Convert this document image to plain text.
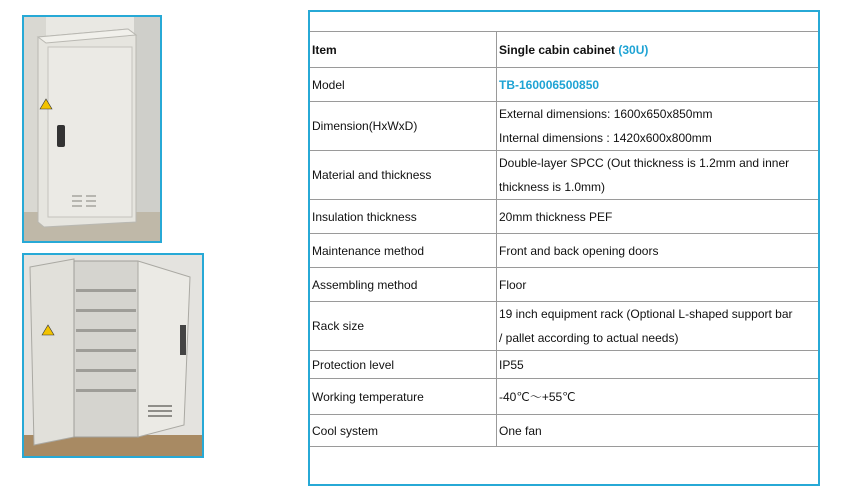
Item	Single cabin cabinet (30U)
Model	TB-160006500850

Dimension(HxWxD)	External dimensions: 1600x650x850mm
Internal dimensions : 1420x600x800mm

Material and thickness	Double-layer SPCC (Out thickness is 1.2mm and inner
thickness is 1.0mm)

Insulation thickness	20mm thickness PEF

Maintenance method	Front and back opening doors

Assembling method	Floor

Rack size	19 inch equipment rack (Optional L-shaped support bar
/ pallet according to actual needs)

Protection level	IP55

Working temperature	-40℃～+55℃

Cool system	One fan
